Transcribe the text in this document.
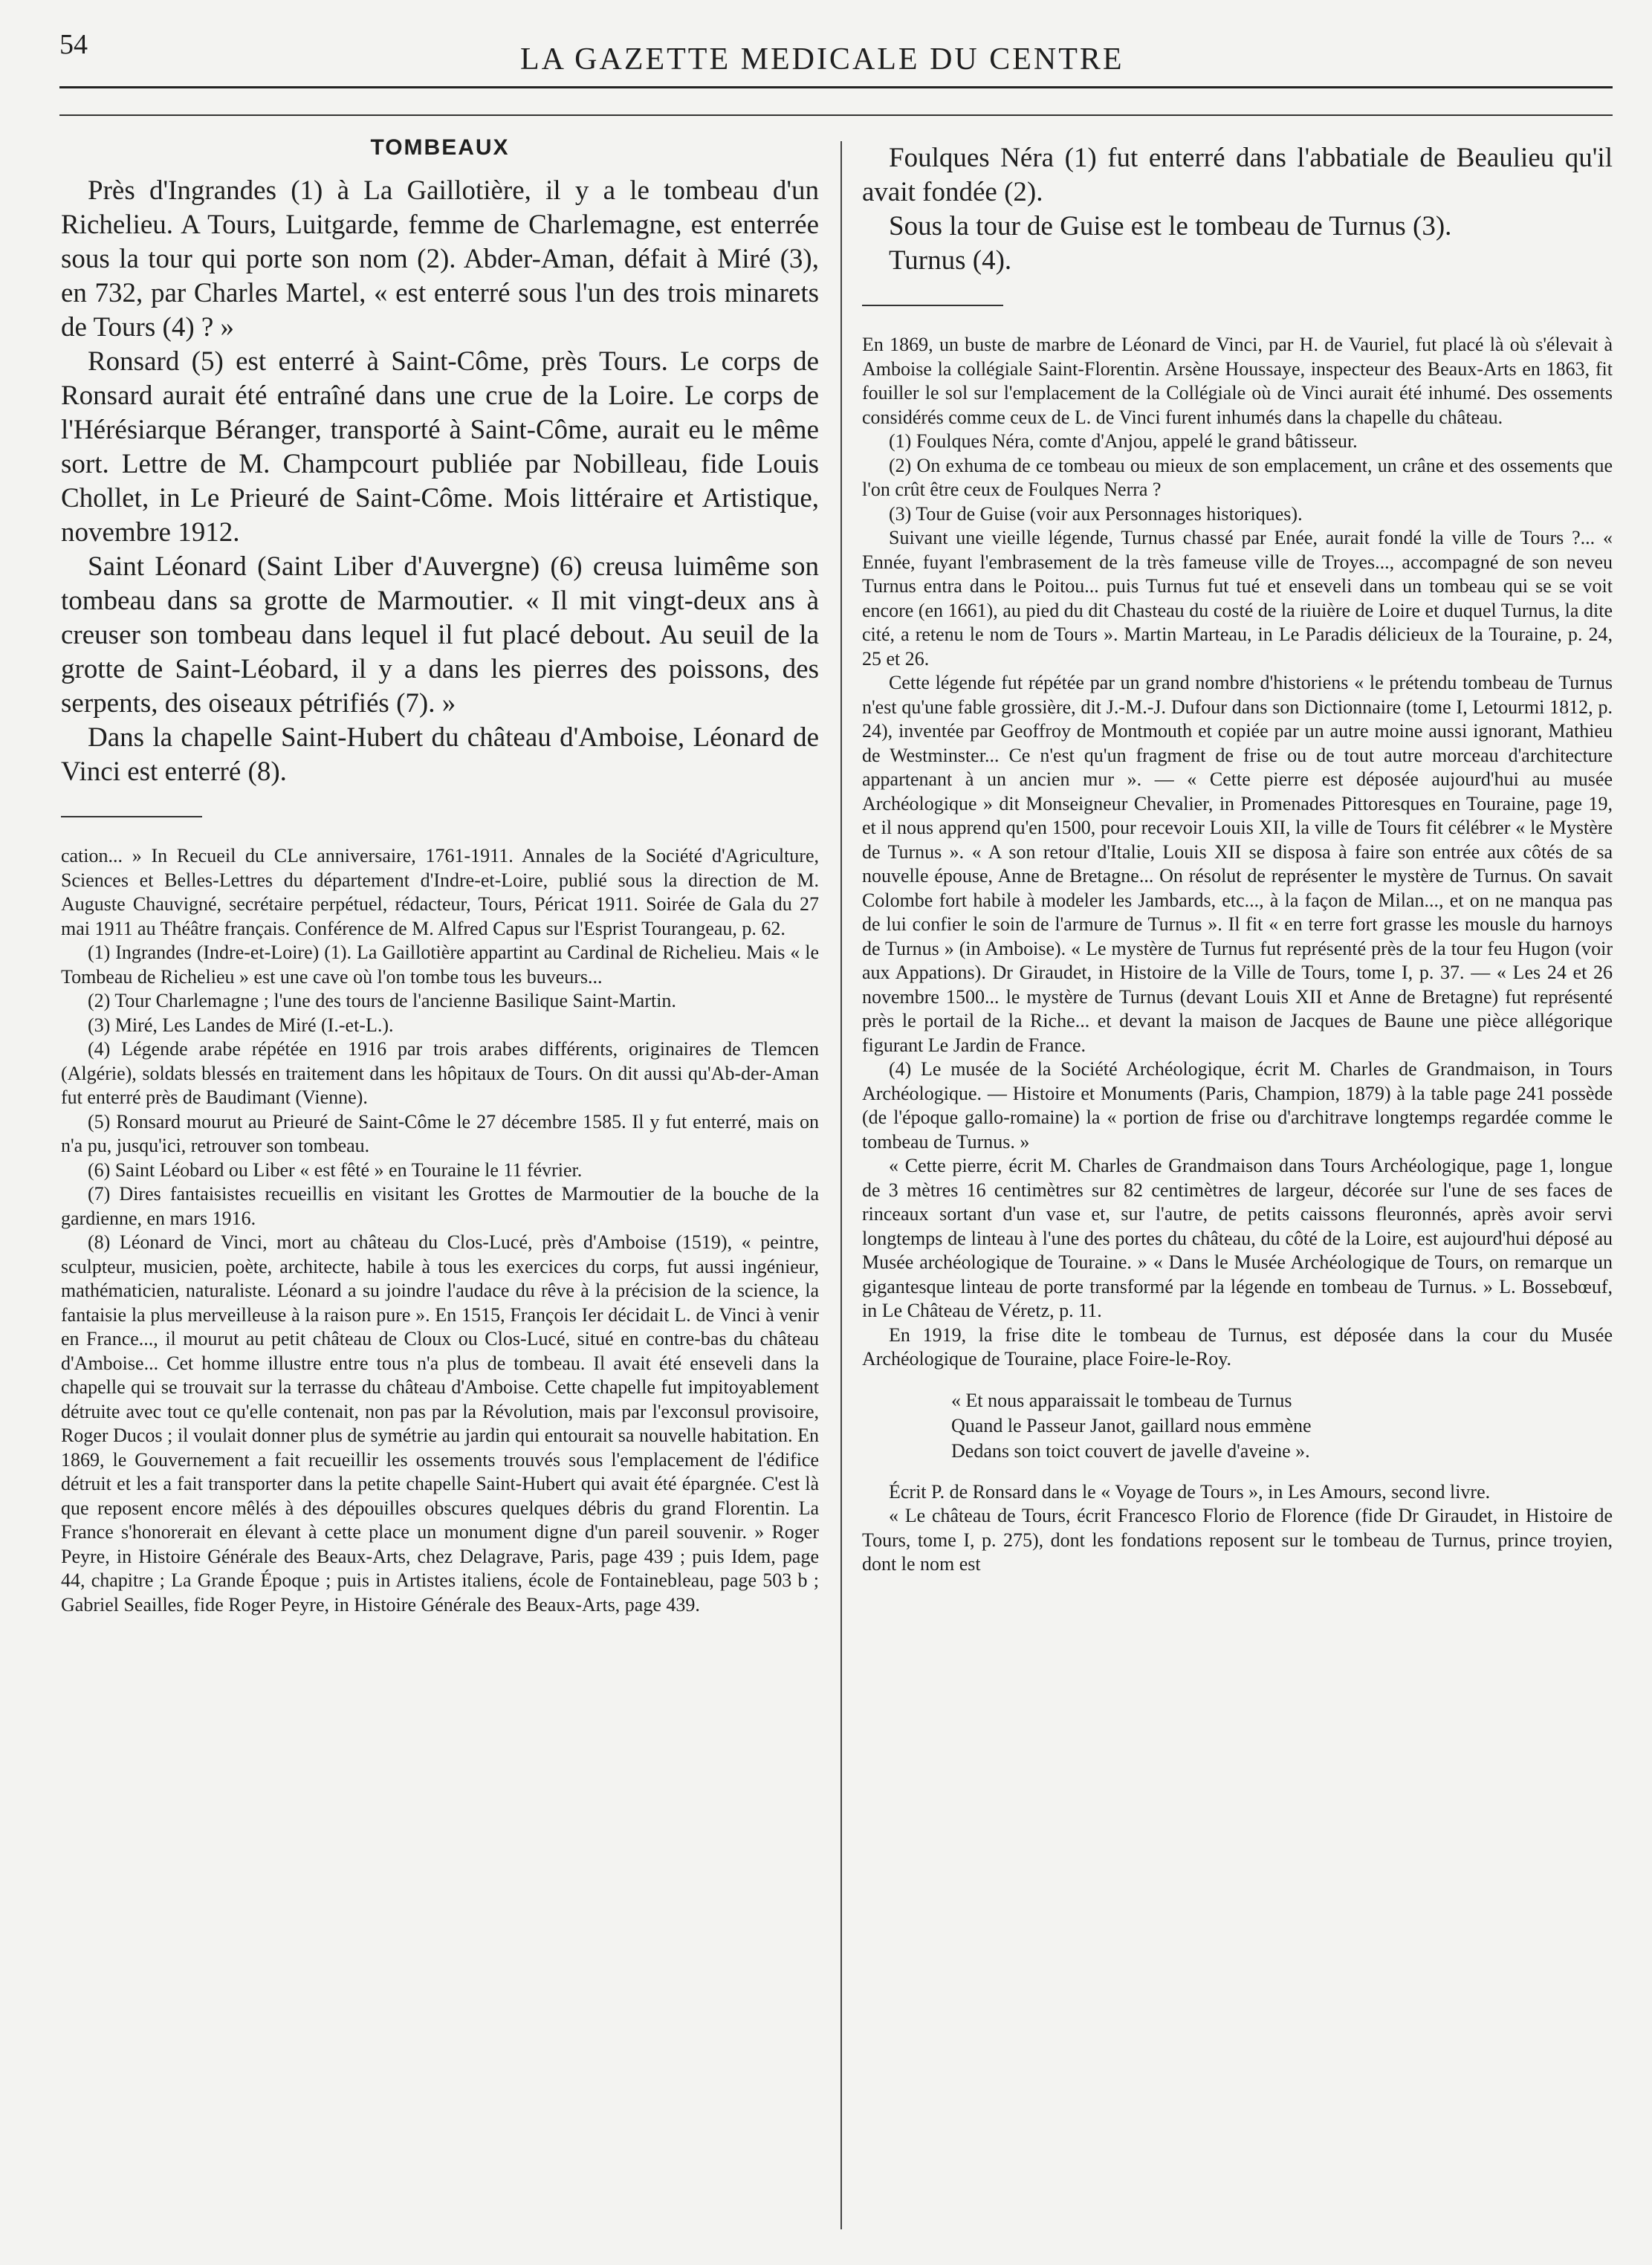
54	LA GAZETTE MEDICALE DU CENTRE
TOMBEAUX

Près d'Ingrandes (1) à La Gaillotière, il y a le tombeau d'un Richelieu. A Tours, Luitgarde, femme de Charlemagne, est enterrée sous la tour qui porte son nom (2). Abder-Aman, défait à Miré (3), en 732, par Charles Martel, « est enterré sous l'un des trois minarets de Tours (4) ? »

Ronsard (5) est enterré à Saint-Côme, près Tours. Le corps de Ronsard aurait été entraîné dans une crue de la Loire. Le corps de l'Hérésiarque Béranger, transporté à Saint-Côme, aurait eu le même sort. Lettre de M. Champcourt publiée par Nobilleau, fide Louis Chollet, in Le Prieuré de Saint-Côme. Mois littéraire et Artistique, novembre 1912.

Saint Léonard (Saint Liber d'Auvergne) (6) creusa luimême son tombeau dans sa grotte de Marmoutier. « Il mit vingt-deux ans à creuser son tombeau dans lequel il fut placé debout. Au seuil de la grotte de Saint-Léobard, il y a dans les pierres des poissons, des serpents, des oiseaux pétrifiés (7). »

Dans la chapelle Saint-Hubert du château d'Amboise, Léonard de Vinci est enterré (8).

cation... » In Recueil du CLe anniversaire, 1761-1911. Annales de la Société d'Agriculture, Sciences et Belles-Lettres du département d'Indre-et-Loire, publié sous la direction de M. Auguste Chauvigné, secrétaire perpétuel, rédacteur, Tours, Péricat 1911. Soirée de Gala du 27 mai 1911 au Théâtre français. Conférence de M. Alfred Capus sur l'Esprist Tourangeau, p. 62.

(1) Ingrandes (Indre-et-Loire) (1). La Gaillotière appartint au Cardinal de Richelieu. Mais « le Tombeau de Richelieu » est une cave où l'on tombe tous les buveurs...

(2) Tour Charlemagne ; l'une des tours de l'ancienne Basilique Saint-Martin.

(3) Miré, Les Landes de Miré (I.-et-L.).

(4) Légende arabe répétée en 1916 par trois arabes différents, originaires de Tlemcen (Algérie), soldats blessés en traitement dans les hôpitaux de Tours. On dit aussi qu'Ab-der-Aman fut enterré près de Baudimant (Vienne).

(5) Ronsard mourut au Prieuré de Saint-Côme le 27 décembre 1585. Il y fut enterré, mais on n'a pu, jusqu'ici, retrouver son tombeau.

(6) Saint Léobard ou Liber « est fêté » en Touraine le 11 février.

(7) Dires fantaisistes recueillis en visitant les Grottes de Marmoutier de la bouche de la gardienne, en mars 1916.

(8) Léonard de Vinci, mort au château du Clos-Lucé, près d'Amboise (1519), « peintre, sculpteur, musicien, poète, architecte, habile à tous les exercices du corps, fut aussi ingénieur, mathématicien, naturaliste. Léonard a su joindre l'audace du rêve à la précision de la science, la fantaisie la plus merveilleuse à la raison pure ». En 1515, François Ier décidait L. de Vinci à venir en France..., il mourut au petit château de Cloux ou Clos-Lucé, situé en contre-bas du château d'Amboise... Cet homme illustre entre tous n'a plus de tombeau. Il avait été enseveli dans la chapelle qui se trouvait sur la terrasse du château d'Amboise. Cette chapelle fut impitoyablement détruite avec tout ce qu'elle contenait, non pas par la Révolution, mais par l'exconsul provisoire, Roger Ducos ; il voulait donner plus de symétrie au jardin qui entourait sa nouvelle habitation. En 1869, le Gouvernement a fait recueillir les ossements trouvés sous l'emplacement de l'édifice détruit et les a fait transporter dans la petite chapelle Saint-Hubert qui avait été épargnée. C'est là que reposent encore mêlés à des dépouilles obscures quelques débris du grand Florentin. La France s'honorerait en élevant à cette place un monument digne d'un pareil souvenir. » Roger Peyre, in Histoire Générale des Beaux-Arts, chez Delagrave, Paris, page 439 ; puis Idem, page 44, chapitre ; La Grande Époque ; puis in Artistes italiens, école de Fontainebleau, page 503 b ; Gabriel Seailles, fide Roger Peyre, in Histoire Générale des Beaux-Arts, page 439.

Foulques Néra (1) fut enterré dans l'abbatiale de Beaulieu qu'il avait fondée (2).

Sous la tour de Guise est le tombeau de Turnus (3).

Turnus (4).

En 1869, un buste de marbre de Léonard de Vinci, par H. de Vauriel, fut placé là où s'élevait à Amboise la collégiale Saint-Florentin. Arsène Houssaye, inspecteur des Beaux-Arts en 1863, fit fouiller le sol sur l'emplacement de la Collégiale où de Vinci aurait été inhumé. Des ossements considérés comme ceux de L. de Vinci furent inhumés dans la chapelle du château.

(1) Foulques Néra, comte d'Anjou, appelé le grand bâtisseur.

(2) On exhuma de ce tombeau ou mieux de son emplacement, un crâne et des ossements que l'on crût être ceux de Foulques Nerra ?

(3) Tour de Guise (voir aux Personnages historiques).

Suivant une vieille légende, Turnus chassé par Enée, aurait fondé la ville de Tours ?... « Ennée, fuyant l'embrasement de la très fameuse ville de Troyes..., accompagné de son neveu Turnus entra dans le Poitou... puis Turnus fut tué et enseveli dans un tombeau qui se se voit encore (en 1661), au pied du dit Chasteau du costé de la riuière de Loire et duquel Turnus, la dite cité, a retenu le nom de Tours ». Martin Marteau, in Le Paradis délicieux de la Touraine, p. 24, 25 et 26.

Cette légende fut répétée par un grand nombre d'historiens « le prétendu tombeau de Turnus n'est qu'une fable grossière, dit J.-M.-J. Dufour dans son Dictionnaire (tome I, Letourmi 1812, p. 24), inventée par Geoffroy de Montmouth et copiée par un autre moine aussi ignorant, Mathieu de Westminster... Ce n'est qu'un fragment de frise ou de tout autre morceau d'architecture appartenant à un ancien mur ». — « Cette pierre est déposée aujourd'hui au musée Archéologique » dit Monseigneur Chevalier, in Promenades Pittoresques en Touraine, page 19, et il nous apprend qu'en 1500, pour recevoir Louis XII, la ville de Tours fit célébrer « le Mystère de Turnus ». « A son retour d'Italie, Louis XII se disposa à faire son entrée aux côtés de sa nouvelle épouse, Anne de Bretagne... On résolut de représenter le mystère de Turnus. On savait Colombe fort habile à modeler les Jambards, etc..., à la façon de Milan..., et on ne manqua pas de lui confier le soin de l'armure de Turnus ». Il fit « en terre fort grasse les mousle du harnoys de Turnus » (in Amboise). « Le mystère de Turnus fut représenté près de la tour feu Hugon (voir aux Appations). Dr Giraudet, in Histoire de la Ville de Tours, tome I, p. 37. — « Les 24 et 26 novembre 1500... le mystère de Turnus (devant Louis XII et Anne de Bretagne) fut représenté près le portail de la Riche... et devant la maison de Jacques de Baune une pièce allégorique figurant Le Jardin de France.

(4) Le musée de la Société Archéologique, écrit M. Charles de Grandmaison, in Tours Archéologique. — Histoire et Monuments (Paris, Champion, 1879) à la table page 241 possède (de l'époque gallo-romaine) la « portion de frise ou d'architrave longtemps regardée comme le tombeau de Turnus. »

« Cette pierre, écrit M. Charles de Grandmaison dans Tours Archéologique, page 1, longue de 3 mètres 16 centimètres sur 82 centimètres de largeur, décorée sur l'une de ses faces de rinceaux sortant d'un vase et, sur l'autre, de petits caissons fleuronnés, après avoir servi longtemps de linteau à l'une des portes du château, du côté de la Loire, est aujourd'hui déposé au Musée archéologique de Touraine. » « Dans le Musée Archéologique de Tours, on remarque un gigantesque linteau de porte transformé par la légende en tombeau de Turnus. » L. Bossebœuf, in Le Château de Véretz, p. 11.

En 1919, la frise dite le tombeau de Turnus, est déposée dans la cour du Musée Archéologique de Touraine, place Foire-le-Roy.

« Et nous apparaissait le tombeau de Turnus
Quand le Passeur Janot, gaillard nous emmène
Dedans son toict couvert de javelle d'aveine ».

Écrit P. de Ronsard dans le « Voyage de Tours », in Les Amours, second livre.

« Le château de Tours, écrit Francesco Florio de Florence (fide Dr Giraudet, in Histoire de Tours, tome I, p. 275), dont les fondations reposent sur le tombeau de Turnus, prince troyien, dont le nom est
